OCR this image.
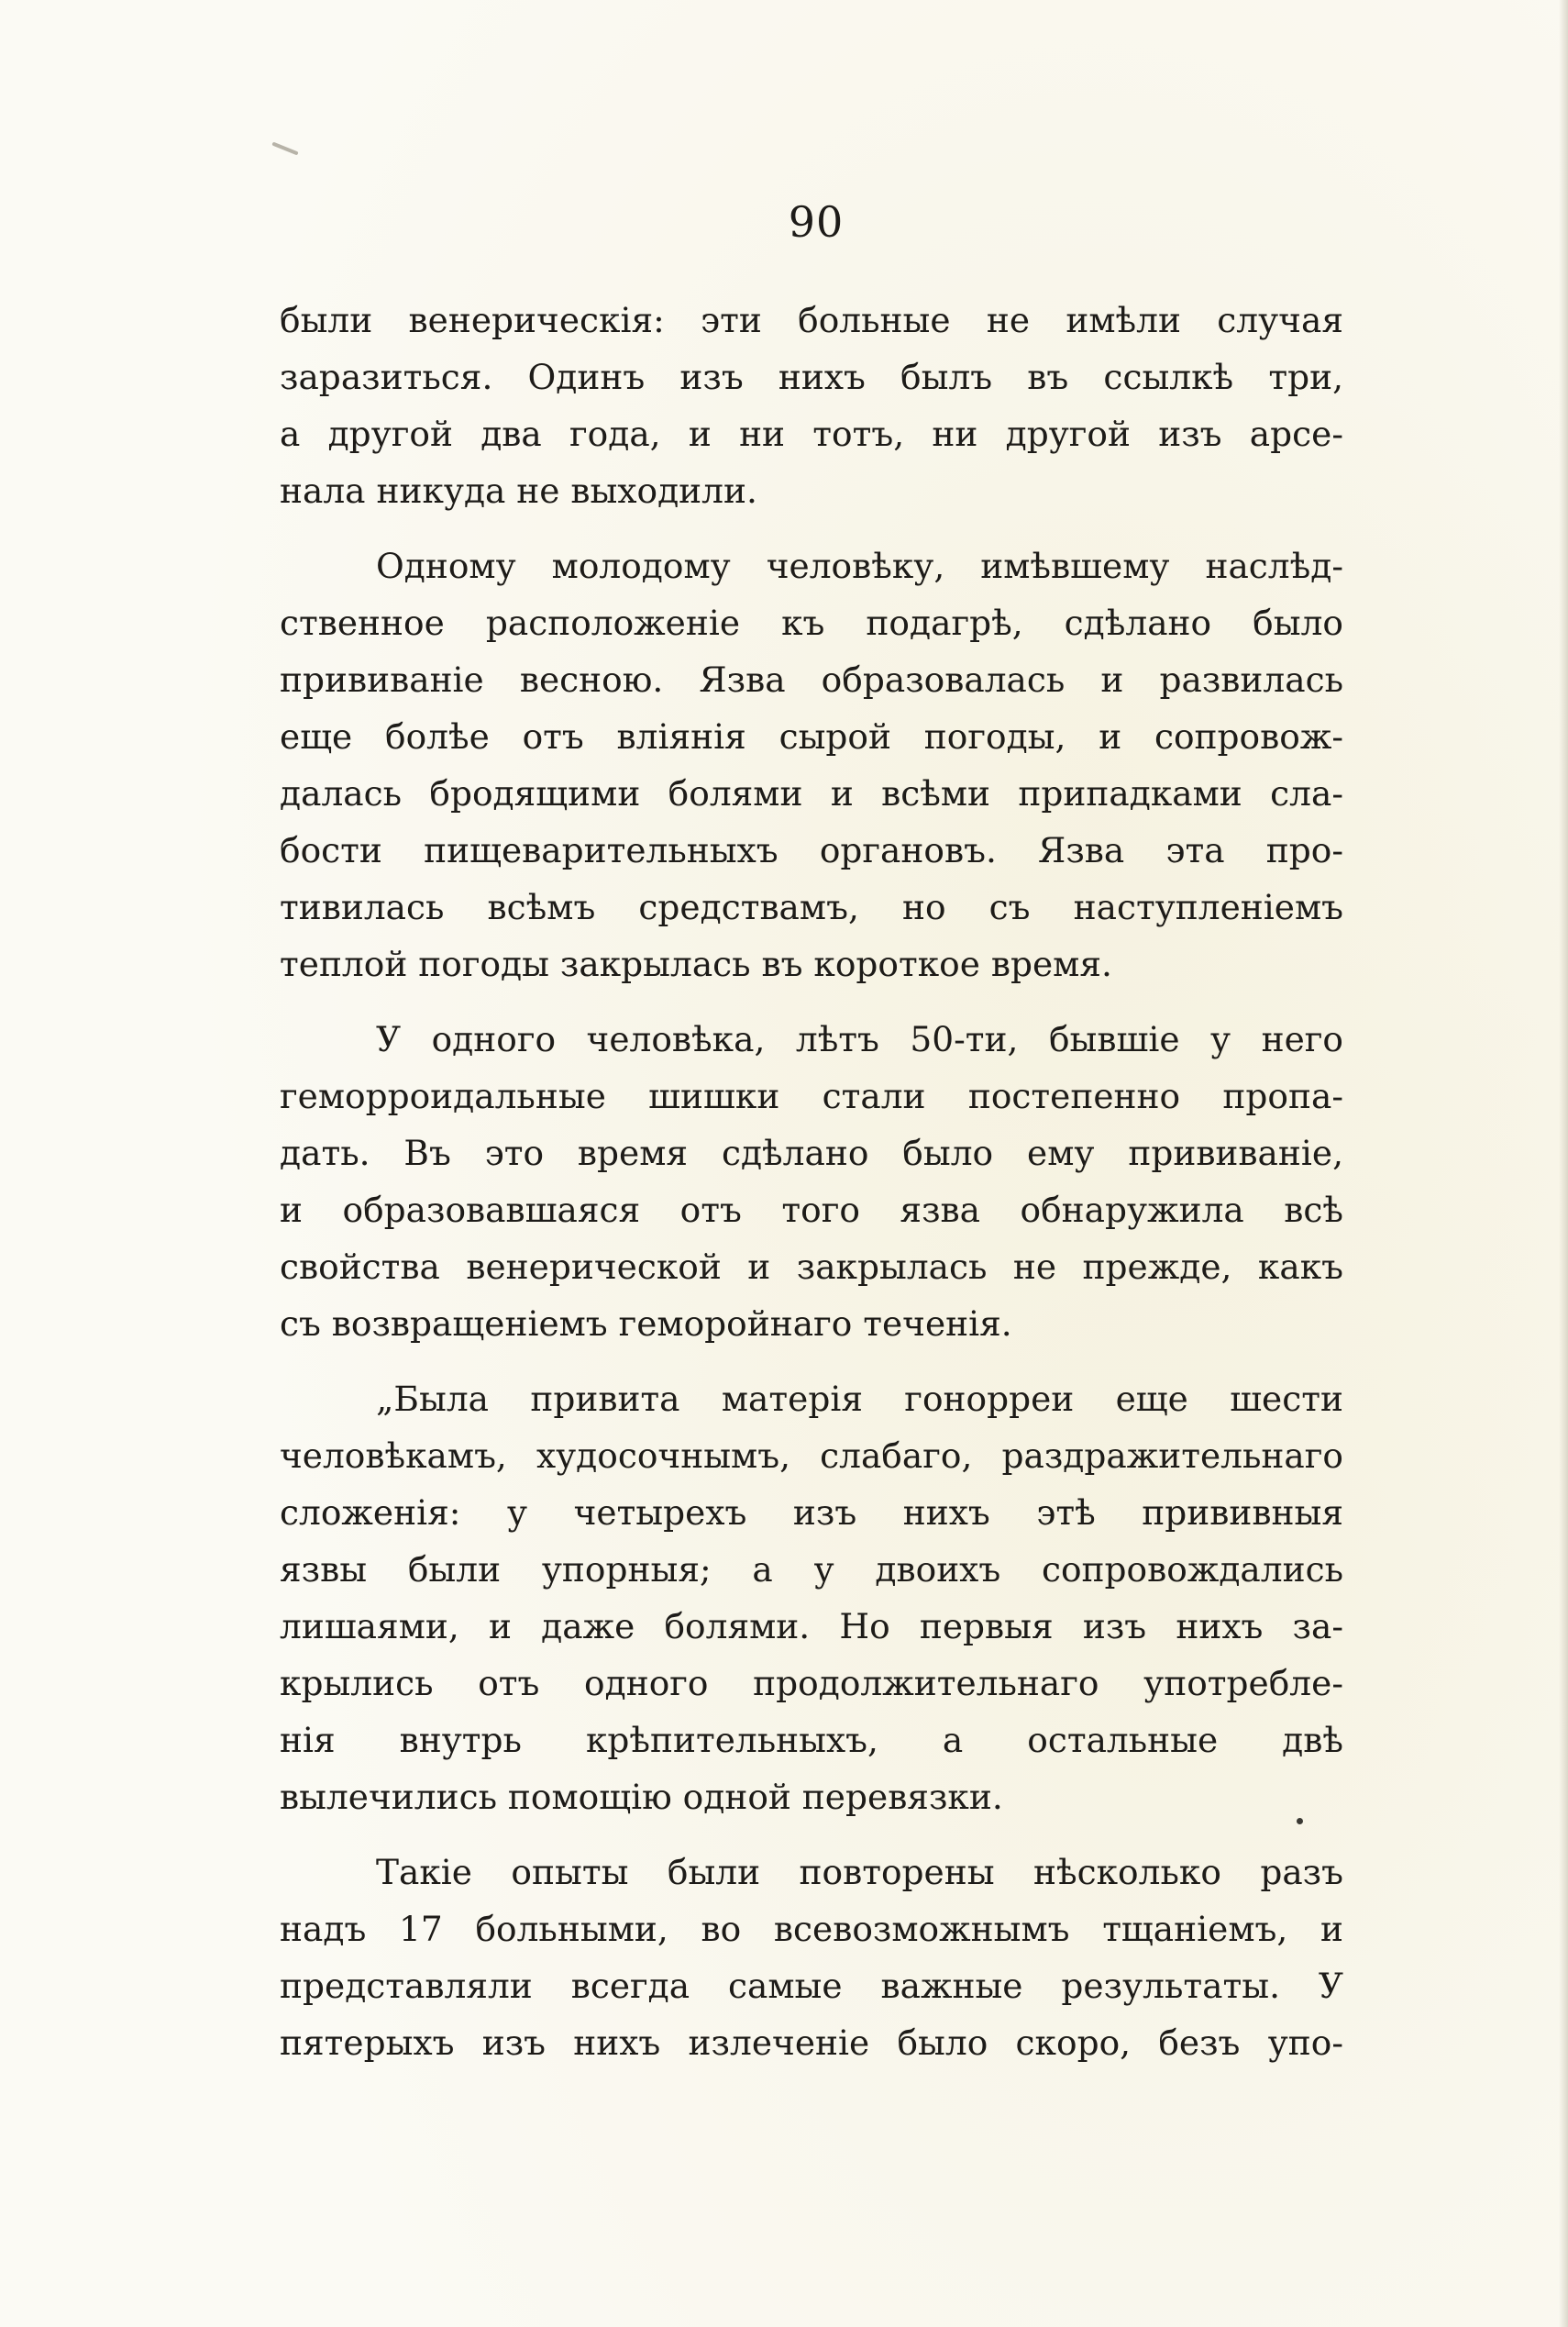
90
были венерическія: эти больные не имѣли случая
заразиться. Одинъ изъ нихъ былъ въ ссылкѣ три,
а другой два года, и ни тотъ, ни другой изъ арсе-
нала никуда не выходили.
Одному молодому человѣку, имѣвшему наслѣд-
ственное расположеніе къ подагрѣ, сдѣлано было
прививаніе весною. Язва образовалась и развилась
еще болѣе отъ вліянія сырой погоды, и сопровож-
далась бродящими болями и всѣми припадками сла-
бости пищеварительныхъ органовъ. Язва эта про-
тивилась всѣмъ средствамъ, но съ наступленіемъ
теплой погоды закрылась въ короткое время.
У одного человѣка, лѣтъ 50-ти, бывшіе у него
геморроидальные шишки стали постепенно пропа-
дать. Въ это время сдѣлано было ему прививаніе,
и образовавшаяся отъ того язва обнаружила всѣ
свойства венерической и закрылась не прежде, какъ
съ возвращеніемъ геморойнаго теченія.
„Была привита матерія гонорреи еще шести
человѣкамъ, худосочнымъ, слабаго, раздражительнаго
сложенія: у четырехъ изъ нихъ этѣ прививныя
язвы были упорныя; а у двоихъ сопровождались
лишаями, и даже болями. Но первыя изъ нихъ за-
крылись отъ одного продолжительнаго употребле-
нія внутрь крѣпительныхъ, а остальные двѣ
вылечились помощію одной перевязки.
Такіе опыты были повторены нѣсколько разъ
надъ 17 больными, во всевозможнымъ тщаніемъ, и
представляли всегда самые важные результаты. У
пятерыхъ изъ нихъ излеченіе было скоро, безъ упо-
